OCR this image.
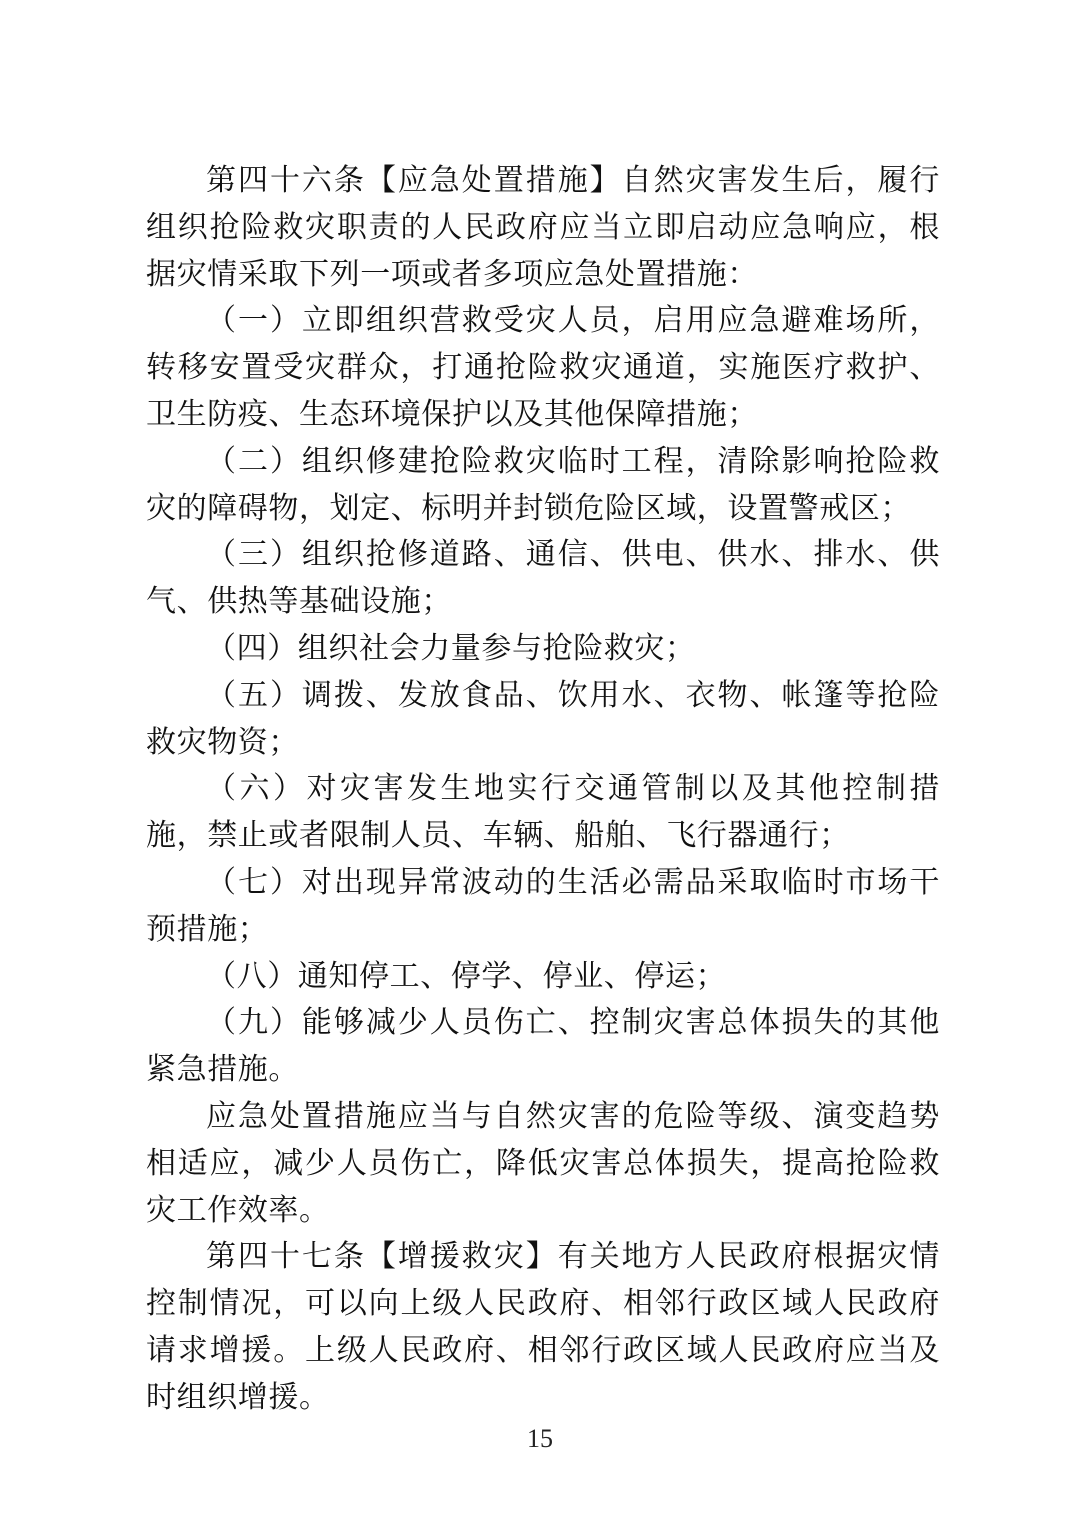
第四十六条【应急处置措施】自然灾害发生后，履行组织抢险救灾职责的人民政府应当立即启动应急响应，根据灾情采取下列一项或者多项应急处置措施：

（一）立即组织营救受灾人员，启用应急避难场所，转移安置受灾群众，打通抢险救灾通道，实施医疗救护、卫生防疫、生态环境保护以及其他保障措施；

（二）组织修建抢险救灾临时工程，清除影响抢险救灾的障碍物，划定、标明并封锁危险区域，设置警戒区；

（三）组织抢修道路、通信、供电、供水、排水、供气、供热等基础设施；

（四）组织社会力量参与抢险救灾；

（五）调拨、发放食品、饮用水、衣物、帐篷等抢险救灾物资；

（六）对灾害发生地实行交通管制以及其他控制措施，禁止或者限制人员、车辆、船舶、飞行器通行；

（七）对出现异常波动的生活必需品采取临时市场干预措施；

（八）通知停工、停学、停业、停运；

（九）能够减少人员伤亡、控制灾害总体损失的其他紧急措施。

应急处置措施应当与自然灾害的危险等级、演变趋势相适应，减少人员伤亡，降低灾害总体损失，提高抢险救灾工作效率。

第四十七条【增援救灾】有关地方人民政府根据灾情控制情况，可以向上级人民政府、相邻行政区域人民政府请求增援。上级人民政府、相邻行政区域人民政府应当及时组织增援。

15
